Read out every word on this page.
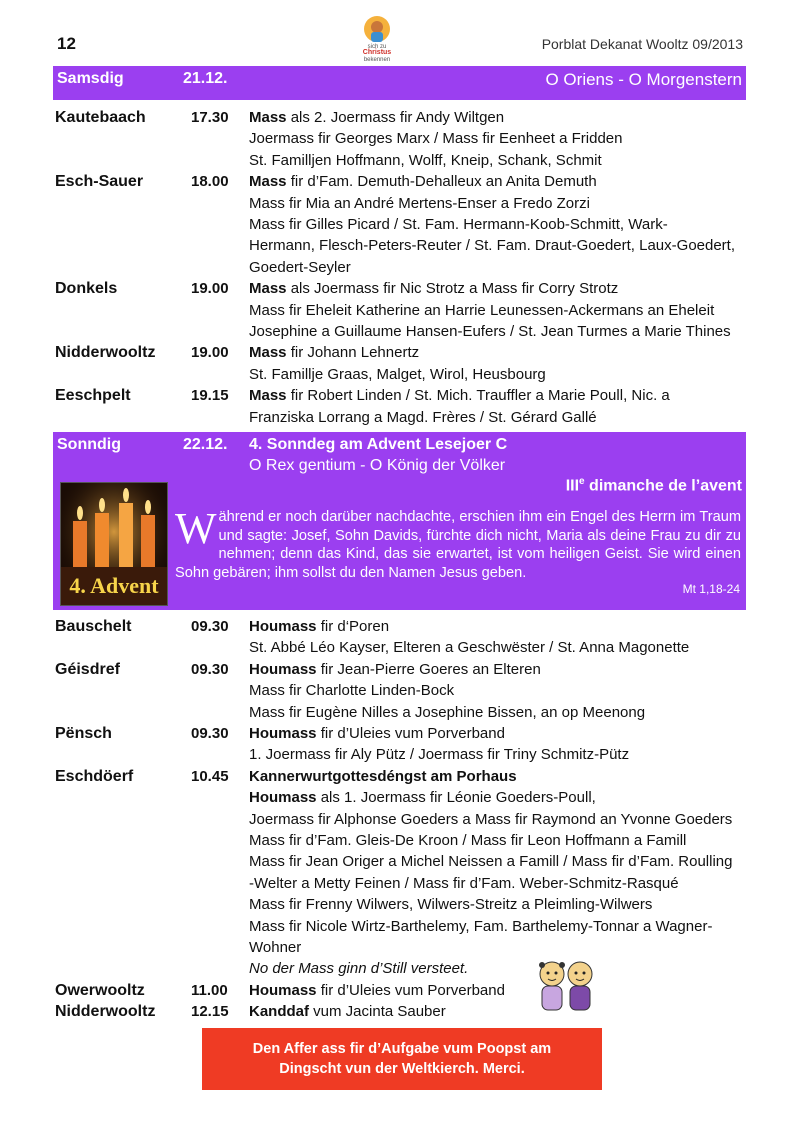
12	sich zu
Christus
bekennen
Porblat Dekanat Wooltz 09/2013
Samsdig	21.12.	O Oriens - O Morgenstern
Kautebaach	17.30 Mass als 2. Joermass fir Andy Wiltgen
Joermass fir Georges Marx / Mass fir Eenheet a Fridden
St. Familljen Hoffmann, Wolff, Kneip, Schank, Schmit
Esch-Sauer	18.00 Mass fir d’Fam. Demuth-Dehalleux an Anita Demuth
Mass fir Mia an André Mertens-Enser a Fredo Zorzi
Mass fir Gilles Picard / St. Fam. Hermann-Koob-Schmitt, Wark-
Hermann, Flesch-Peters-Reuter / St. Fam. Draut-Goedert, Laux-Goedert,
Goedert-Seyler
Donkels	19.00 Mass als Joermass fir Nic Strotz a Mass fir Corry Strotz
Mass fir Eheleit Katherine an Harrie Leunessen-Ackermans an Eheleit
Josephine a Guillaume Hansen-Eufers / St. Jean Turmes a Marie Thines
Nidderwooltz 19.00 Mass fir Johann Lehnertz
St. Familljе Graas, Malget, Wirol, Heusbourg
Eeschpelt	19.15 Mass fir Robert Linden / St. Mich. Trauffler a Marie Poull, Nic. a
Franziska Lorrang a Magd. Frères / St. Gérard Gallé
Sonndig	22.12. 4. Sonndeg am Advent Lesejoer C
O Rex gentium - O König der Völker
IIIe dimanche de l’avent
4. Advent
Während er noch darüber nachdachte, erschien ihm ein Engel des Herrn im Traum und sagte: Josef, Sohn Davids, fürchte dich nicht, Maria als deine Frau zu dir zu nehmen; denn das Kind, das sie erwartet, ist vom heiligen Geist. Sie wird einen Sohn gebären; ihm sollst du den Namen Jesus geben.
Mt 1,18-24
Bauschelt	09.30 Houmass fir d‘Poren
St. Abbé Léo Kayser, Elteren a Geschwëster / St. Anna Magonette
Géisdref	09.30 Houmass fir Jean-Pierre Goeres an Elteren
Mass fir Charlotte Linden-Bock
Mass fir Eugène Nilles a Josephine Bissen, an op Meenong
Pënsch	09.30 Houmass fir d’Uleies vum Porverband
1. Joermass fir Aly Pütz / Joermass fir Triny Schmitz-Pütz
Eschdöerf	10.45 Kannerwurtgottesdéngst am Porhaus
Houmass als 1. Joermass fir Léonie Goeders-Poull,
Joermass fir Alphonse Goeders a Mass fir Raymond an Yvonne Goeders
Mass fir d’Fam. Gleis-De Kroon / Mass fir Leon Hoffmann a Famill
Mass fir Jean Origer a Michel Neissen a Famill / Mass fir d’Fam. Roulling
-Welter a Metty Feinen / Mass fir d’Fam. Weber-Schmitz-Rasqué
Mass fir Frenny Wilwers, Wilwers-Streitz a Pleimling-Wilwers
Mass fir Nicole Wirtz-Barthelemy, Fam. Barthelemy-Tonnar a Wagner-
Wohner
No der Mass ginn d’Still versteet.
Owerwooltz	11.00 Houmass fir d’Uleies vum Porverband
Nidderwooltz 12.15 Kanddaf vum Jacinta Sauber
Den Affer ass fir d’Aufgabe vum Poopst am
Dingscht vun der Weltkierch. Merci.
